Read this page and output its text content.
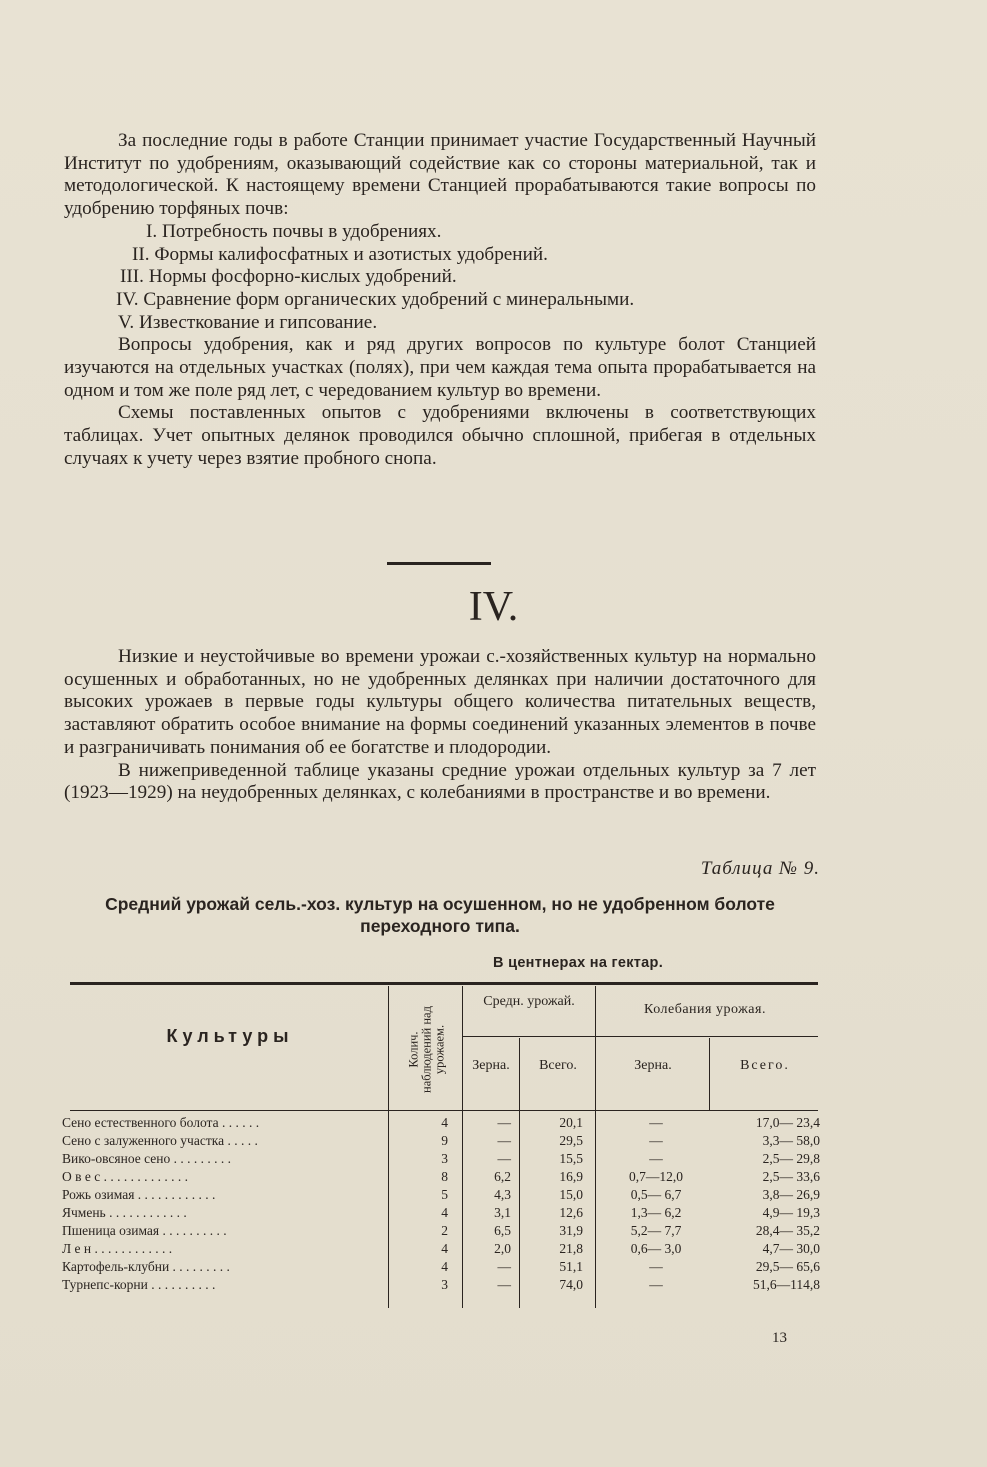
За последние годы в работе Станции принимает участие Государственный Научный Институт по удобрениям, оказывающий содействие как со стороны материальной, так и методологической. К настоящему времени Станцией прорабатываются такие вопросы по удобрению торфяных почв:

I. Потребность почвы в удобрениях.

II. Формы калифосфатных и азотистых удобрений.

III. Нормы фосфорно-кислых удобрений.

IV. Сравнение форм органических удобрений с минеральными.

V. Известкование и гипсование.

Вопросы удобрения, как и ряд других вопросов по культуре болот Станцией изучаются на отдельных участках (полях), при чем каждая тема опыта прорабатывается на одном и том же поле ряд лет, с чередованием культур во времени.

Схемы поставленных опытов с удобрениями включены в соответствующих таблицах. Учет опытных делянок проводился обычно сплошной, прибегая в отдельных случаях к учету через взятие пробного снопа.

IV.

Низкие и неустойчивые во времени урожаи с.-хозяйственных культур на нормально осушенных и обработанных, но не удобренных делянках при наличии достаточного для высоких урожаев в первые годы культуры общего количества питательных веществ, заставляют обратить особое внимание на формы соединений указанных элементов в почве и разграничивать понимания об ее богатстве и плодородии.

В нижеприведенной таблице указаны средние урожаи отдельных культур за 7 лет (1923—1929) на неудобренных делянках, с колебаниями в пространстве и во времени.

Таблица № 9.
Средний урожай сель.-хоз. культур на осушенном, но не удобренном болоте переходного типа.
В центнерах на гектар.
Культуры	Колич. наблюдений над урожаем.
Средн. урожай.
Колебания урожая.
Зерна.	Всего.	Зерна.	Всего.
Сено естественного болота . . . . . .	4	—	20,1	—	17,0— 23,4
Сено с залуженного участка . . . . .	9	—	29,5	—	3,3— 58,0
Вико-овсяное сено . . . . . . . . .	3	—	15,5	—	2,5— 29,8
О в е с . . . . . . . . . . . . .	8	6,2	16,9	0,7—12,0	2,5— 33,6
Рожь озимая . . . . . . . . . . . .	5	4,3	15,0	0,5— 6,7	3,8— 26,9
Ячмень . . . . . . . . . . . .	4	3,1	12,6	1,3— 6,2	4,9— 19,3
Пшеница озимая . . . . . . . . . .	2	6,5	31,9	5,2— 7,7	28,4— 35,2
Л е н . . . . . . . . . . . .	4	2,0	21,8	0,6— 3,0	4,7— 30,0
Картофель-клубни . . . . . . . . .	4	—	51,1	—	29,5— 65,6
Турнепс-корни . . . . . . . . . .	3	—	74,0	—	51,6—114,8
13
